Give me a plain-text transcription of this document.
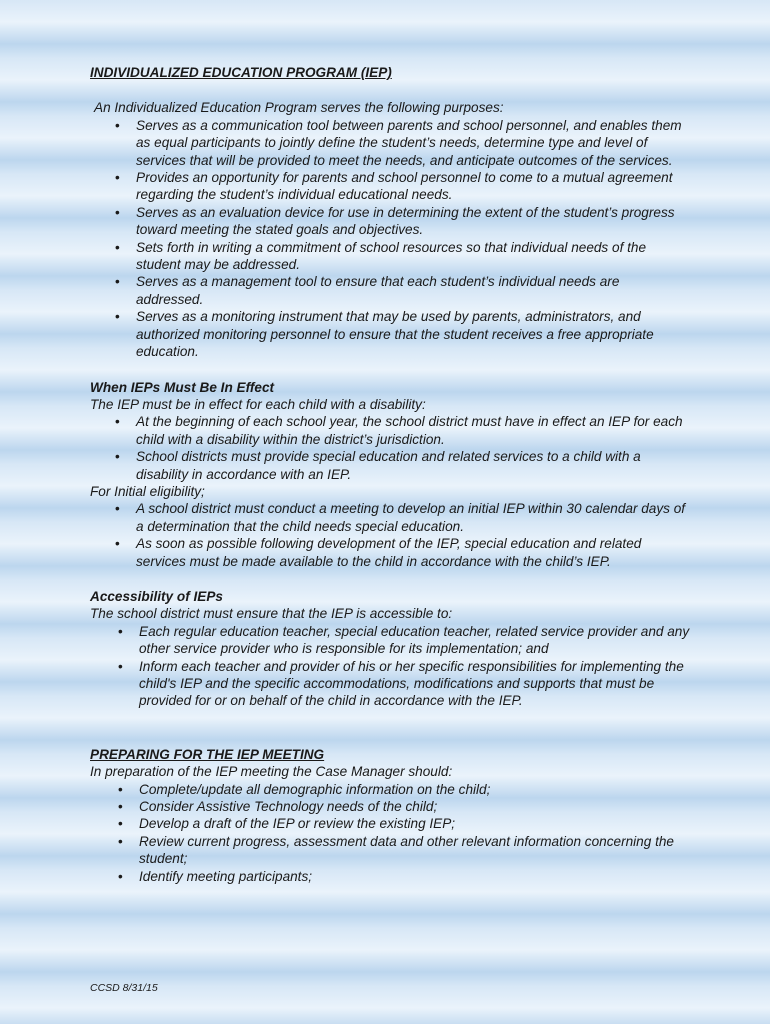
INDIVIDUALIZED EDUCATION PROGRAM (IEP)

An Individualized Education Program serves the following purposes:

• Serves as a communication tool between parents and school personnel, and enables them as equal participants to jointly define the student’s needs, determine type and level of services that will be provided to meet the needs, and anticipate outcomes of the services.
• Provides an opportunity for parents and school personnel to come to a mutual agreement regarding the student’s individual educational needs.
• Serves as an evaluation device for use in determining the extent of the student’s progress toward meeting the stated goals and objectives.
• Sets forth in writing a commitment of school resources so that individual needs of the student may be addressed.
• Serves as a management tool to ensure that each student’s individual needs are addressed.
• Serves as a monitoring instrument that may be used by parents, administrators, and authorized monitoring personnel to ensure that the student receives a free appropriate education.

When IEPs Must Be In Effect

The IEP must be in effect for each child with a disability:

• At the beginning of each school year, the school district must have in effect an IEP for each child with a disability within the district’s jurisdiction.
• School districts must provide special education and related services to a child with a disability in accordance with an IEP.

For Initial eligibility;

• A school district must conduct a meeting to develop an initial IEP within 30 calendar days of a determination that the child needs special education.
• As soon as possible following development of the IEP, special education and related services must be made available to the child in accordance with the child’s IEP.

Accessibility of IEPs

The school district must ensure that the IEP is accessible to:

• Each regular education teacher, special education teacher, related service provider and any other service provider who is responsible for its implementation; and
• Inform each teacher and provider of his or her specific responsibilities for implementing the child's IEP and the specific accommodations, modifications and supports that must be provided for or on behalf of the child in accordance with the IEP.

PREPARING FOR THE IEP MEETING

In preparation of the IEP meeting the Case Manager should:

• Complete/update all demographic information on the child;
• Consider Assistive Technology needs of the child;
• Develop a draft of the IEP or review the existing IEP;
• Review current progress, assessment data and other relevant information concerning the student;
• Identify meeting participants;
CCSD 8/31/15
